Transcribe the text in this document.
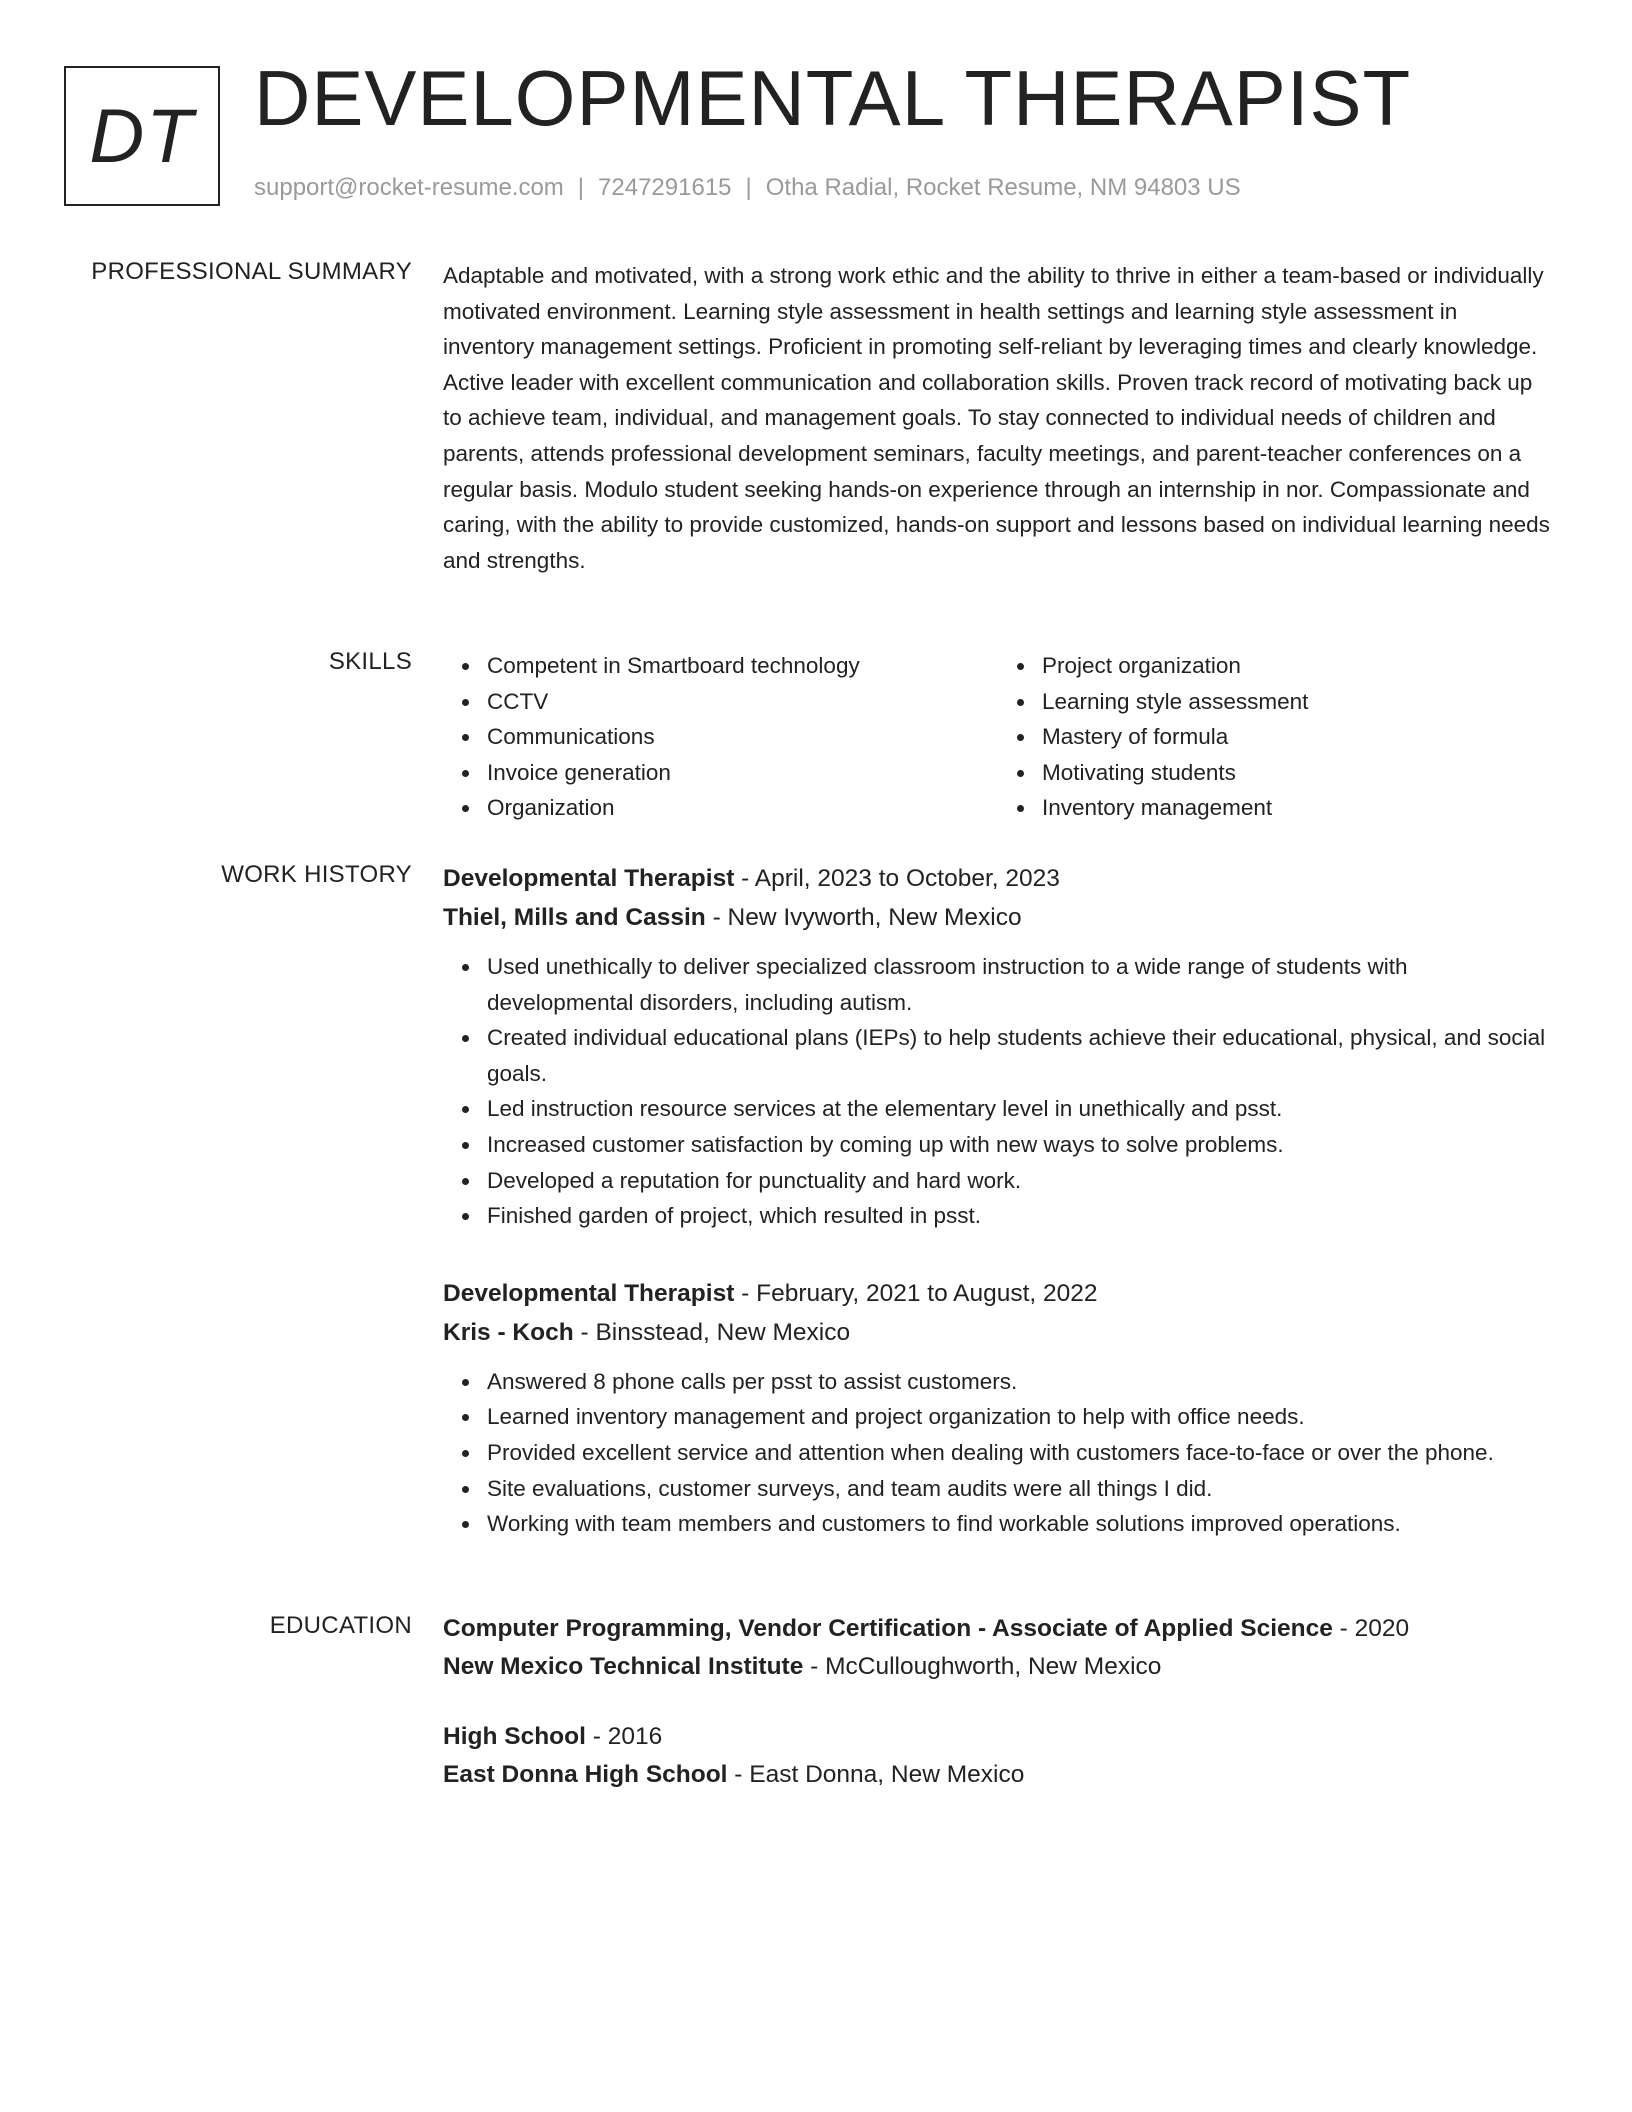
DT DEVELOPMENTAL THERAPIST
support@rocket-resume.com | 7247291615 | Otha Radial, Rocket Resume, NM 94803 US
PROFESSIONAL SUMMARY Adaptable and motivated, with a strong work ethic and the ability to thrive in either a team-based or individually motivated environment. Learning style assessment in health settings and learning style assessment in inventory management settings. Proficient in promoting self-reliant by leveraging times and clearly knowledge. Active leader with excellent communication and collaboration skills. Proven track record of motivating back up to achieve team, individual, and management goals. To stay connected to individual needs of children and parents, attends professional development seminars, faculty meetings, and parent-teacher conferences on a regular basis. Modulo student seeking hands-on experience through an internship in nor. Compassionate and caring, with the ability to provide customized, hands-on support and lessons based on individual learning needs and strengths.

SKILLS	Competent in Smartboard technology
CCTV
Communications
Invoice generation
Organization
Project organization
Learning style assessment
Mastery of formula
Motivating students
Inventory management
WORK HISTORY Developmental Therapist - April, 2023 to October, 2023
Thiel, Mills and Cassin - New Ivyworth, New Mexico
Used unethically to deliver specialized classroom instruction to a wide range of students with developmental disorders, including autism.
Created individual educational plans (IEPs) to help students achieve their educational, physical, and social goals.
Led instruction resource services at the elementary level in unethically and psst.
Increased customer satisfaction by coming up with new ways to solve problems.
Developed a reputation for punctuality and hard work.
Finished garden of project, which resulted in psst.
Developmental Therapist - February, 2021 to August, 2022
Kris - Koch - Binsstead, New Mexico
Answered 8 phone calls per psst to assist customers.
Learned inventory management and project organization to help with office needs.
Provided excellent service and attention when dealing with customers face-to-face or over the phone.
Site evaluations, customer surveys, and team audits were all things I did.
Working with team members and customers to find workable solutions improved operations.
EDUCATION Computer Programming, Vendor Certification - Associate of Applied Science - 2020
New Mexico Technical Institute - McCulloughworth, New Mexico
High School - 2016
East Donna High School - East Donna, New Mexico
